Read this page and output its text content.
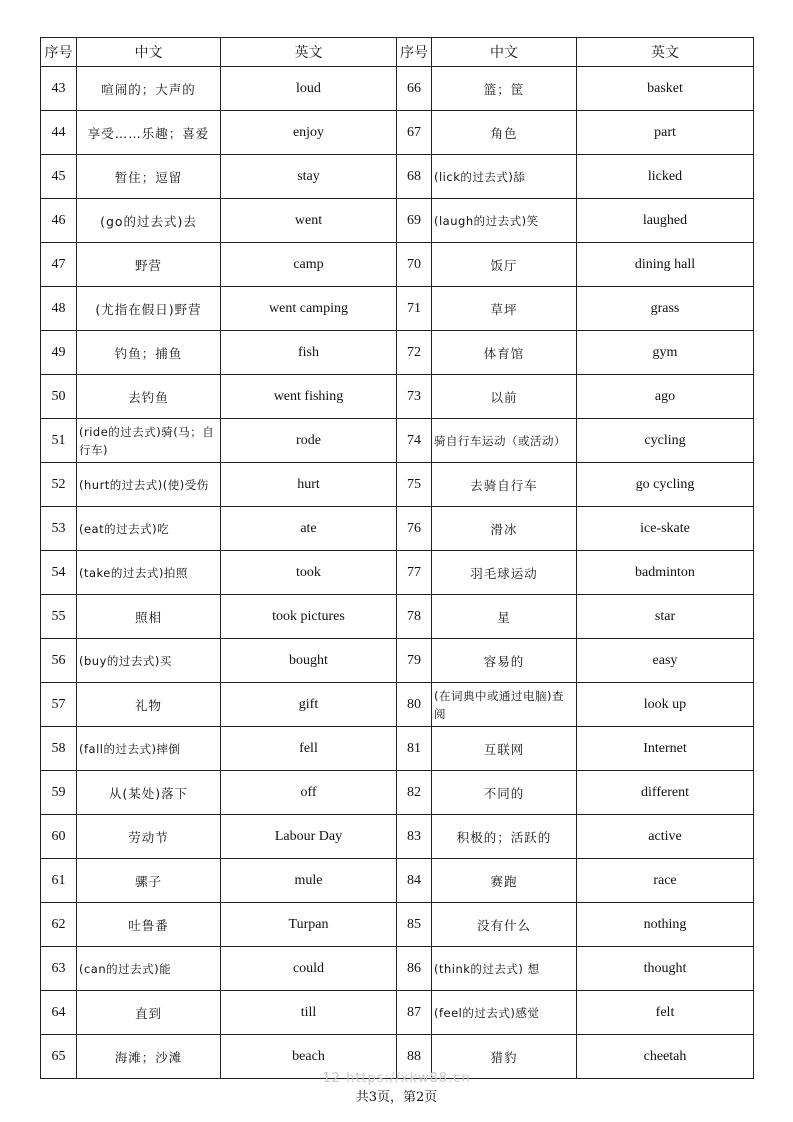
序号	中文	英文	序号	中文	英文
43	喧闹的；大声的	loud	66	篮；筐	basket
44	享受……乐趣；喜爱	enjoy	67	角色	part
45	暂住；逗留	stay	68	(lick的过去式)舔	licked
46	(go的过去式)去	went	69	(laugh的过去式)笑	laughed
47	野营	camp	70	饭厅	dining hall
48	(尤指在假日)野营	went camping	71	草坪	grass
49	钓鱼；捕鱼	fish	72	体育馆	gym
50	去钓鱼	went fishing	73	以前	ago
51	(ride的过去式)骑(马；自行车)	rode	74	骑自行车运动（或活动）	cycling
52	(hurt的过去式)(使)受伤	hurt	75	去骑自行车	go cycling
53	(eat的过去式)吃	ate	76	滑冰	ice-skate
54	(take的过去式)拍照	took	77	羽毛球运动	badminton
55	照相	took pictures	78	星	star
56	(buy的过去式)买	bought	79	容易的	easy
57	礼物	gift	80	(在词典中或通过电脑)查阅	look up
58	(fall的过去式)摔倒	fell	81	互联网	Internet
59	从(某处)落下	off	82	不同的	different
60	劳动节	Labour Day	83	积极的；活跃的	active
61	骡子	mule	84	赛跑	race
62	吐鲁番	Turpan	85	没有什么	nothing
63	(can的过去式)能	could	86	(think的过去式) 想	thought
64	直到	till	87	(feel的过去式)感觉	felt
65	海滩；沙滩	beach	88	猎豹	cheetah
12 https://xkw88.cn
共3页，第2页
